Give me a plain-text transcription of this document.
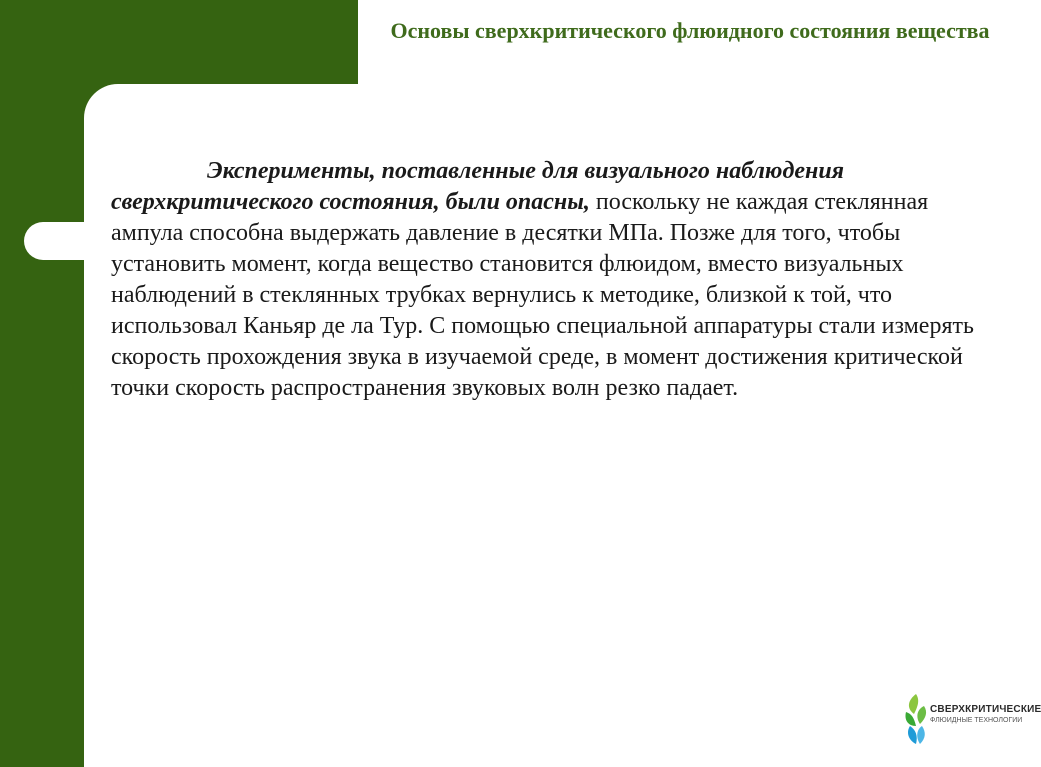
Основы сверхкритического флюидного состояния вещества

Эксперименты, поставленные для визуального наблюдения сверхкритического состояния, были опасны, поскольку не каждая стеклянная ампула способна выдержать давление в десятки МПа. Позже для того, чтобы установить момент, когда вещество становится флюидом, вместо визуальных наблюдений в стеклянных трубках вернулись к методике, близкой к той, что использовал Каньяр де ла Тур. С помощью специальной аппаратуры стали измерять скорость прохождения звука в изучаемой среде, в момент достижения критической точки скорость распространения звуковых волн резко падает.

СВЕРХКРИТИЧЕСКИЕ
ФЛЮИДНЫЕ ТЕХНОЛОГИИ
